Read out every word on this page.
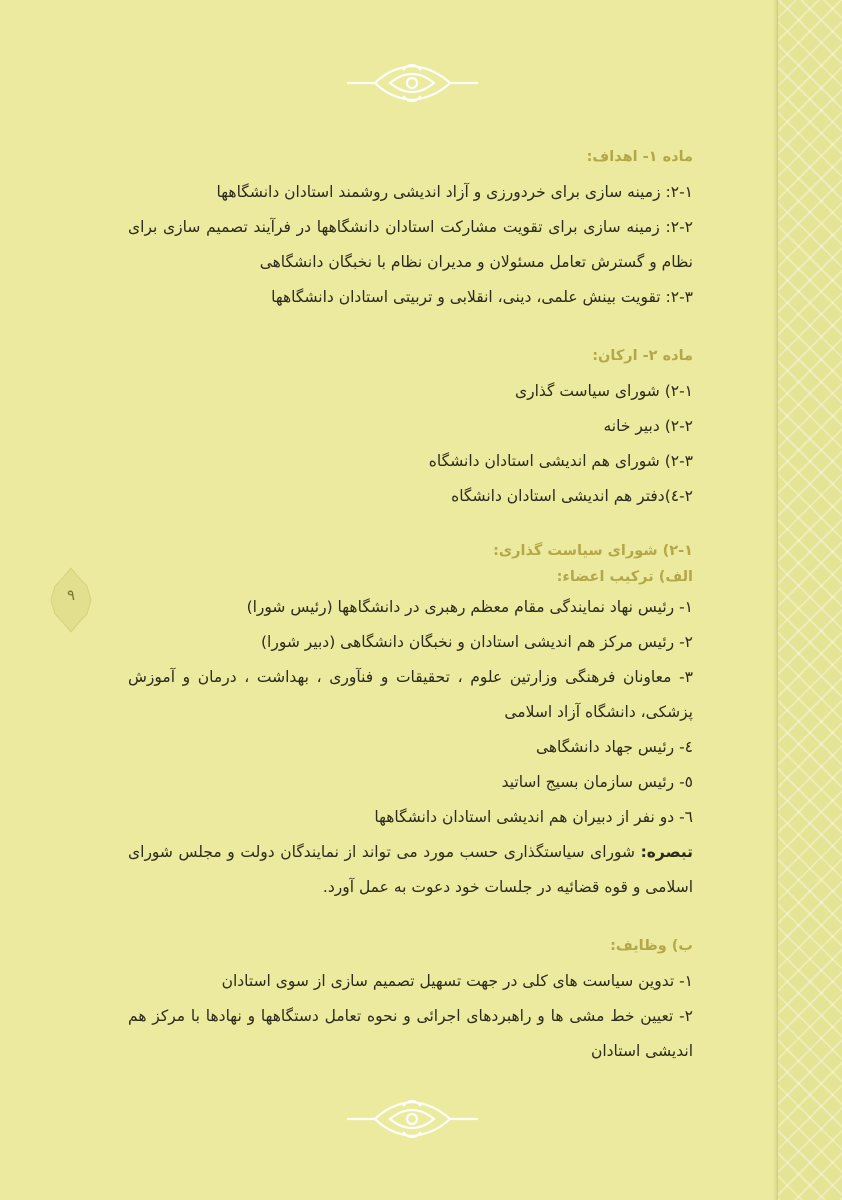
۹
ماده ۱- اهداف:
۲-۱: زمینه سازی برای خردورزی و آزاد اندیشی روشمند استادان دانشگاهها
۲-۲: زمینه سازی برای تقویت مشارکت استادان دانشگاهها در فرآیند تصمیم سازی برای نظام و گسترش تعامل مسئولان و مدیران نظام با نخبگان دانشگاهی
۲-۳: تقویت بینش علمی، دینی، انقلابی و تربیتی استادان دانشگاهها
ماده ۲- ارکان:
۲-۱) شورای سیاست گذاری
۲-۲) دبیر خانه
۲-۳) شورای هم اندیشی استادان دانشگاه
۲-٤)دفتر هم اندیشی استادان دانشگاه
۲-۱) شورای سیاست گذاری:
الف) ترکیب اعضاء:
۱- رئیس نهاد نمایندگی مقام معظم رهبری در دانشگاهها (رئیس شورا)
۲- رئیس مرکز هم اندیشی استادان و نخبگان دانشگاهی (دبیر شورا)
۳- معاونان فرهنگی وزارتین علوم ، تحقیقات و فنآوری ، بهداشت ، درمان و آموزش پزشکی، دانشگاه آزاد اسلامی
٤- رئیس جهاد دانشگاهی
٥- رئیس سازمان بسیج اساتید
٦- دو نفر از دبیران هم اندیشی استادان دانشگاهها
تبصره: شورای سیاستگذاری حسب مورد می تواند از نمایندگان دولت و مجلس شورای اسلامی و قوه قضائیه در جلسات خود دعوت به عمل آورد.
ب) وظایف:
۱- تدوین سیاست های کلی در جهت تسهیل تصمیم سازی از سوی استادان
۲- تعیین خط مشی ها و راهبردهای اجرائی و نحوه تعامل دستگاهها و نهادها با مرکز هم اندیشی استادان
